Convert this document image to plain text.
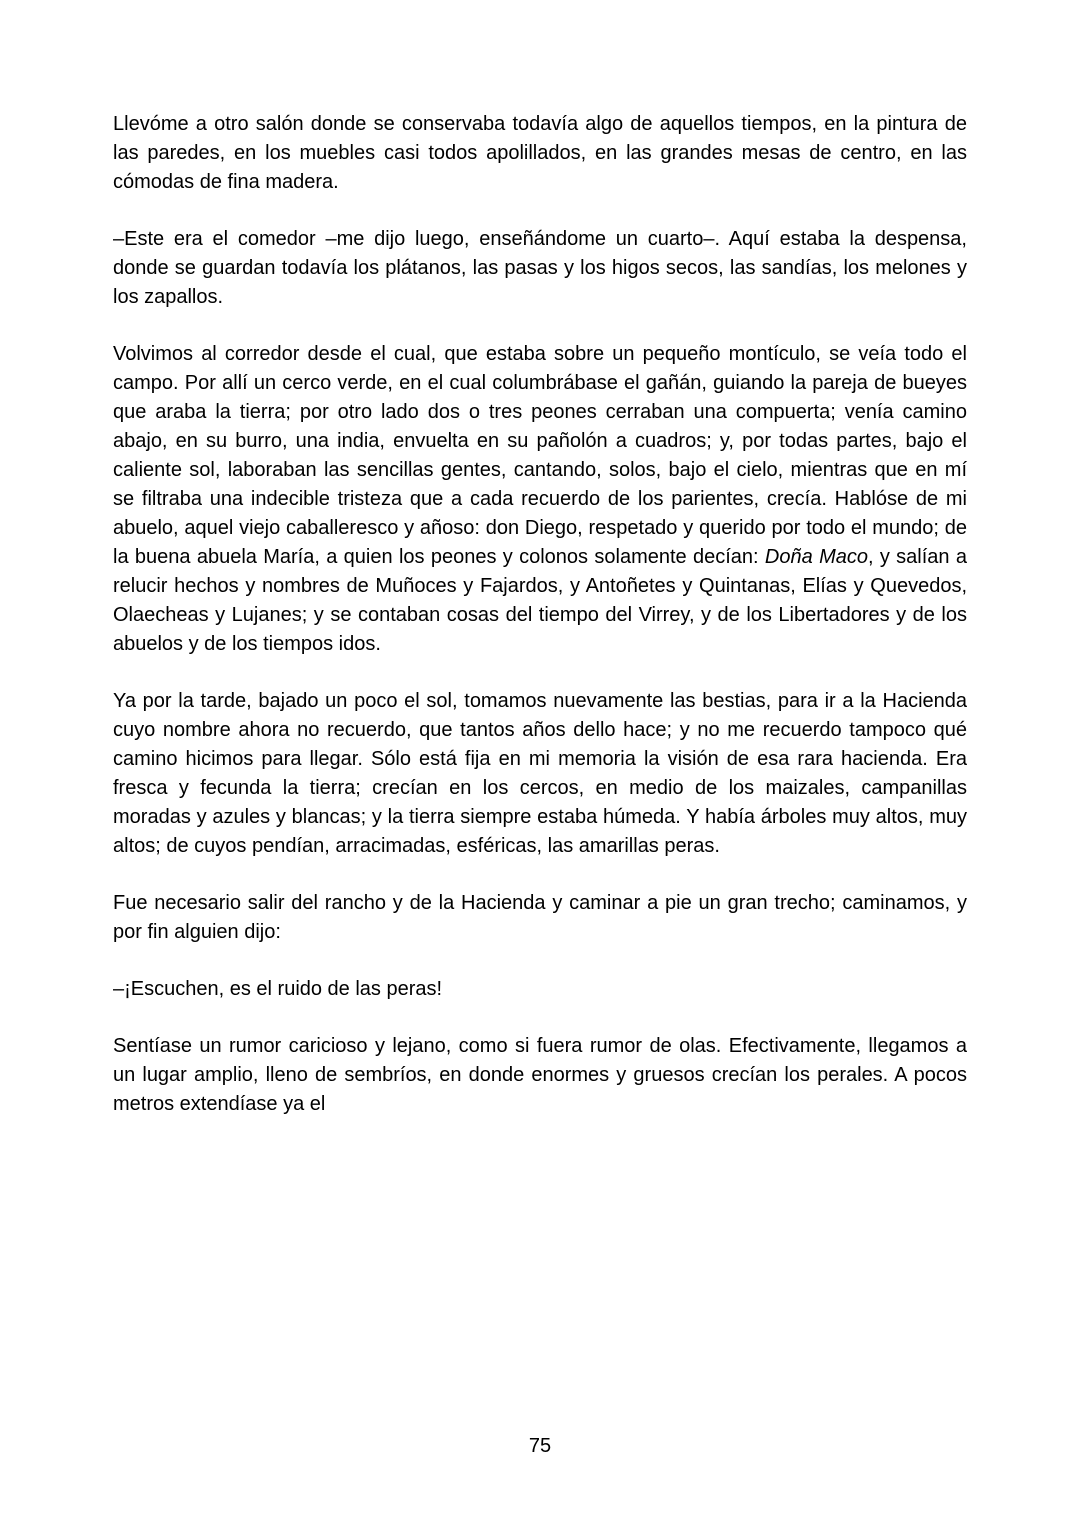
Llevóme a otro salón donde se conservaba todavía algo de aquellos tiempos, en la pintura de las paredes, en los muebles casi todos apolillados, en las grandes mesas de centro, en las cómodas de fina madera.

–Este era el comedor –me dijo luego, enseñándome un cuarto–. Aquí estaba la despensa, donde se guardan todavía los plátanos, las pasas y los higos secos, las sandías, los melones y los zapallos.

Volvimos al corredor desde el cual, que estaba sobre un pequeño montículo, se veía todo el campo. Por allí un cerco verde, en el cual columbrábase el gañán, guiando la pareja de bueyes que araba la tierra; por otro lado dos o tres peones cerraban una compuerta; venía camino abajo, en su burro, una india, envuelta en su pañolón a cuadros; y, por todas partes, bajo el caliente sol, laboraban las sencillas gentes, cantando, solos, bajo el cielo, mientras que en mí se filtraba una indecible tristeza que a cada recuerdo de los parientes, crecía. Hablóse de mi abuelo, aquel viejo caballeresco y añoso: don Diego, respetado y querido por todo el mundo; de la buena abuela María, a quien los peones y colonos solamente decían: Doña Maco, y salían a relucir hechos y nombres de Muñoces y Fajardos, y Antoñetes y Quintanas, Elías y Quevedos, Olaecheas y Lujanes; y se contaban cosas del tiempo del Virrey, y de los Libertadores y de los abuelos y de los tiempos idos.

Ya por la tarde, bajado un poco el sol, tomamos nuevamente las bestias, para ir a la Hacienda cuyo nombre ahora no recuerdo, que tantos años dello hace; y no me recuerdo tampoco qué camino hicimos para llegar. Sólo está fija en mi memoria la visión de esa rara hacienda. Era fresca y fecunda la tierra; crecían en los cercos, en medio de los maizales, campanillas moradas y azules y blancas; y la tierra siempre estaba húmeda. Y había árboles muy altos, muy altos; de cuyos pendían, arracimadas, esféricas, las amarillas peras.

Fue necesario salir del rancho y de la Hacienda y caminar a pie un gran trecho; caminamos, y por fin alguien dijo:

–¡Escuchen, es el ruido de las peras!

Sentíase un rumor caricioso y lejano, como si fuera rumor de olas. Efectivamente, llegamos a un lugar amplio, lleno de sembríos, en donde enormes y gruesos crecían los perales. A pocos metros extendíase ya el

75
